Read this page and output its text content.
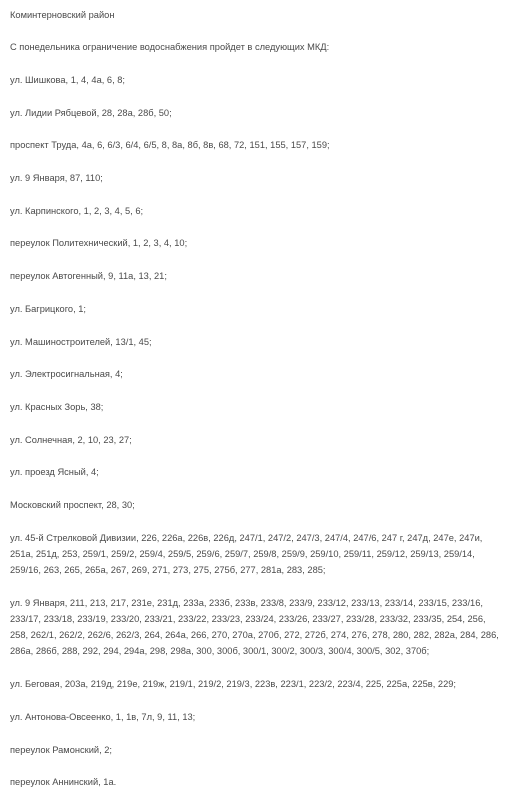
Коминтерновский район

С понедельника ограничение водоснабжения пройдет в следующих МКД:

ул. Шишкова, 1, 4, 4а, 6, 8;

ул. Лидии Рябцевой, 28, 28а, 28б, 50;

проспект Труда, 4а, 6, 6/3, 6/4, 6/5, 8, 8а, 8б, 8в, 68, 72, 151, 155, 157, 159;

ул. 9 Января, 87, 110;

ул. Карпинского, 1, 2, 3, 4, 5, 6;

переулок Политехнический, 1, 2, 3, 4, 10;

переулок Автогенный, 9, 11а, 13, 21;

ул. Багрицкого, 1;

ул. Машиностроителей, 13/1, 45;

ул. Электросигнальная, 4;

ул. Красных Зорь, 38;

ул. Солнечная, 2, 10, 23, 27;

ул. проезд Ясный, 4;

Московский проспект, 28, 30;

ул. 45-й Стрелковой Дивизии, 226, 226а, 226в, 226д, 247/1, 247/2, 247/3, 247/4, 247/6, 247 г, 247д, 247е, 247и, 251а, 251д, 253, 259/1, 259/2, 259/4, 259/5, 259/6, 259/7, 259/8, 259/9, 259/10, 259/11, 259/12, 259/13, 259/14, 259/16, 263, 265, 265а, 267, 269, 271, 273, 275, 275б, 277, 281а, 283, 285;

ул. 9 Января, 211, 213, 217, 231е, 231д, 233а, 233б, 233в, 233/8, 233/9, 233/12, 233/13, 233/14, 233/15, 233/16, 233/17, 233/18, 233/19, 233/20, 233/21, 233/22, 233/23, 233/24, 233/26, 233/27, 233/28, 233/32, 233/35, 254, 256, 258, 262/1, 262/2, 262/6, 262/3, 264, 264а, 266, 270, 270а, 270б, 272, 272б, 274, 276, 278, 280, 282, 282а, 284, 286, 286а, 286б, 288, 292, 294, 294а, 298, 298а, 300, 300б, 300/1, 300/2, 300/3, 300/4, 300/5, 302, 370б;

ул. Беговая, 203а, 219д, 219е, 219ж, 219/1, 219/2, 219/3, 223в, 223/1, 223/2, 223/4, 225, 225а, 225в, 229;

ул. Антонова-Овсеенко, 1, 1в, 7л, 9, 11, 13;

переулок Рамонский, 2;

переулок Аннинский, 1а.
